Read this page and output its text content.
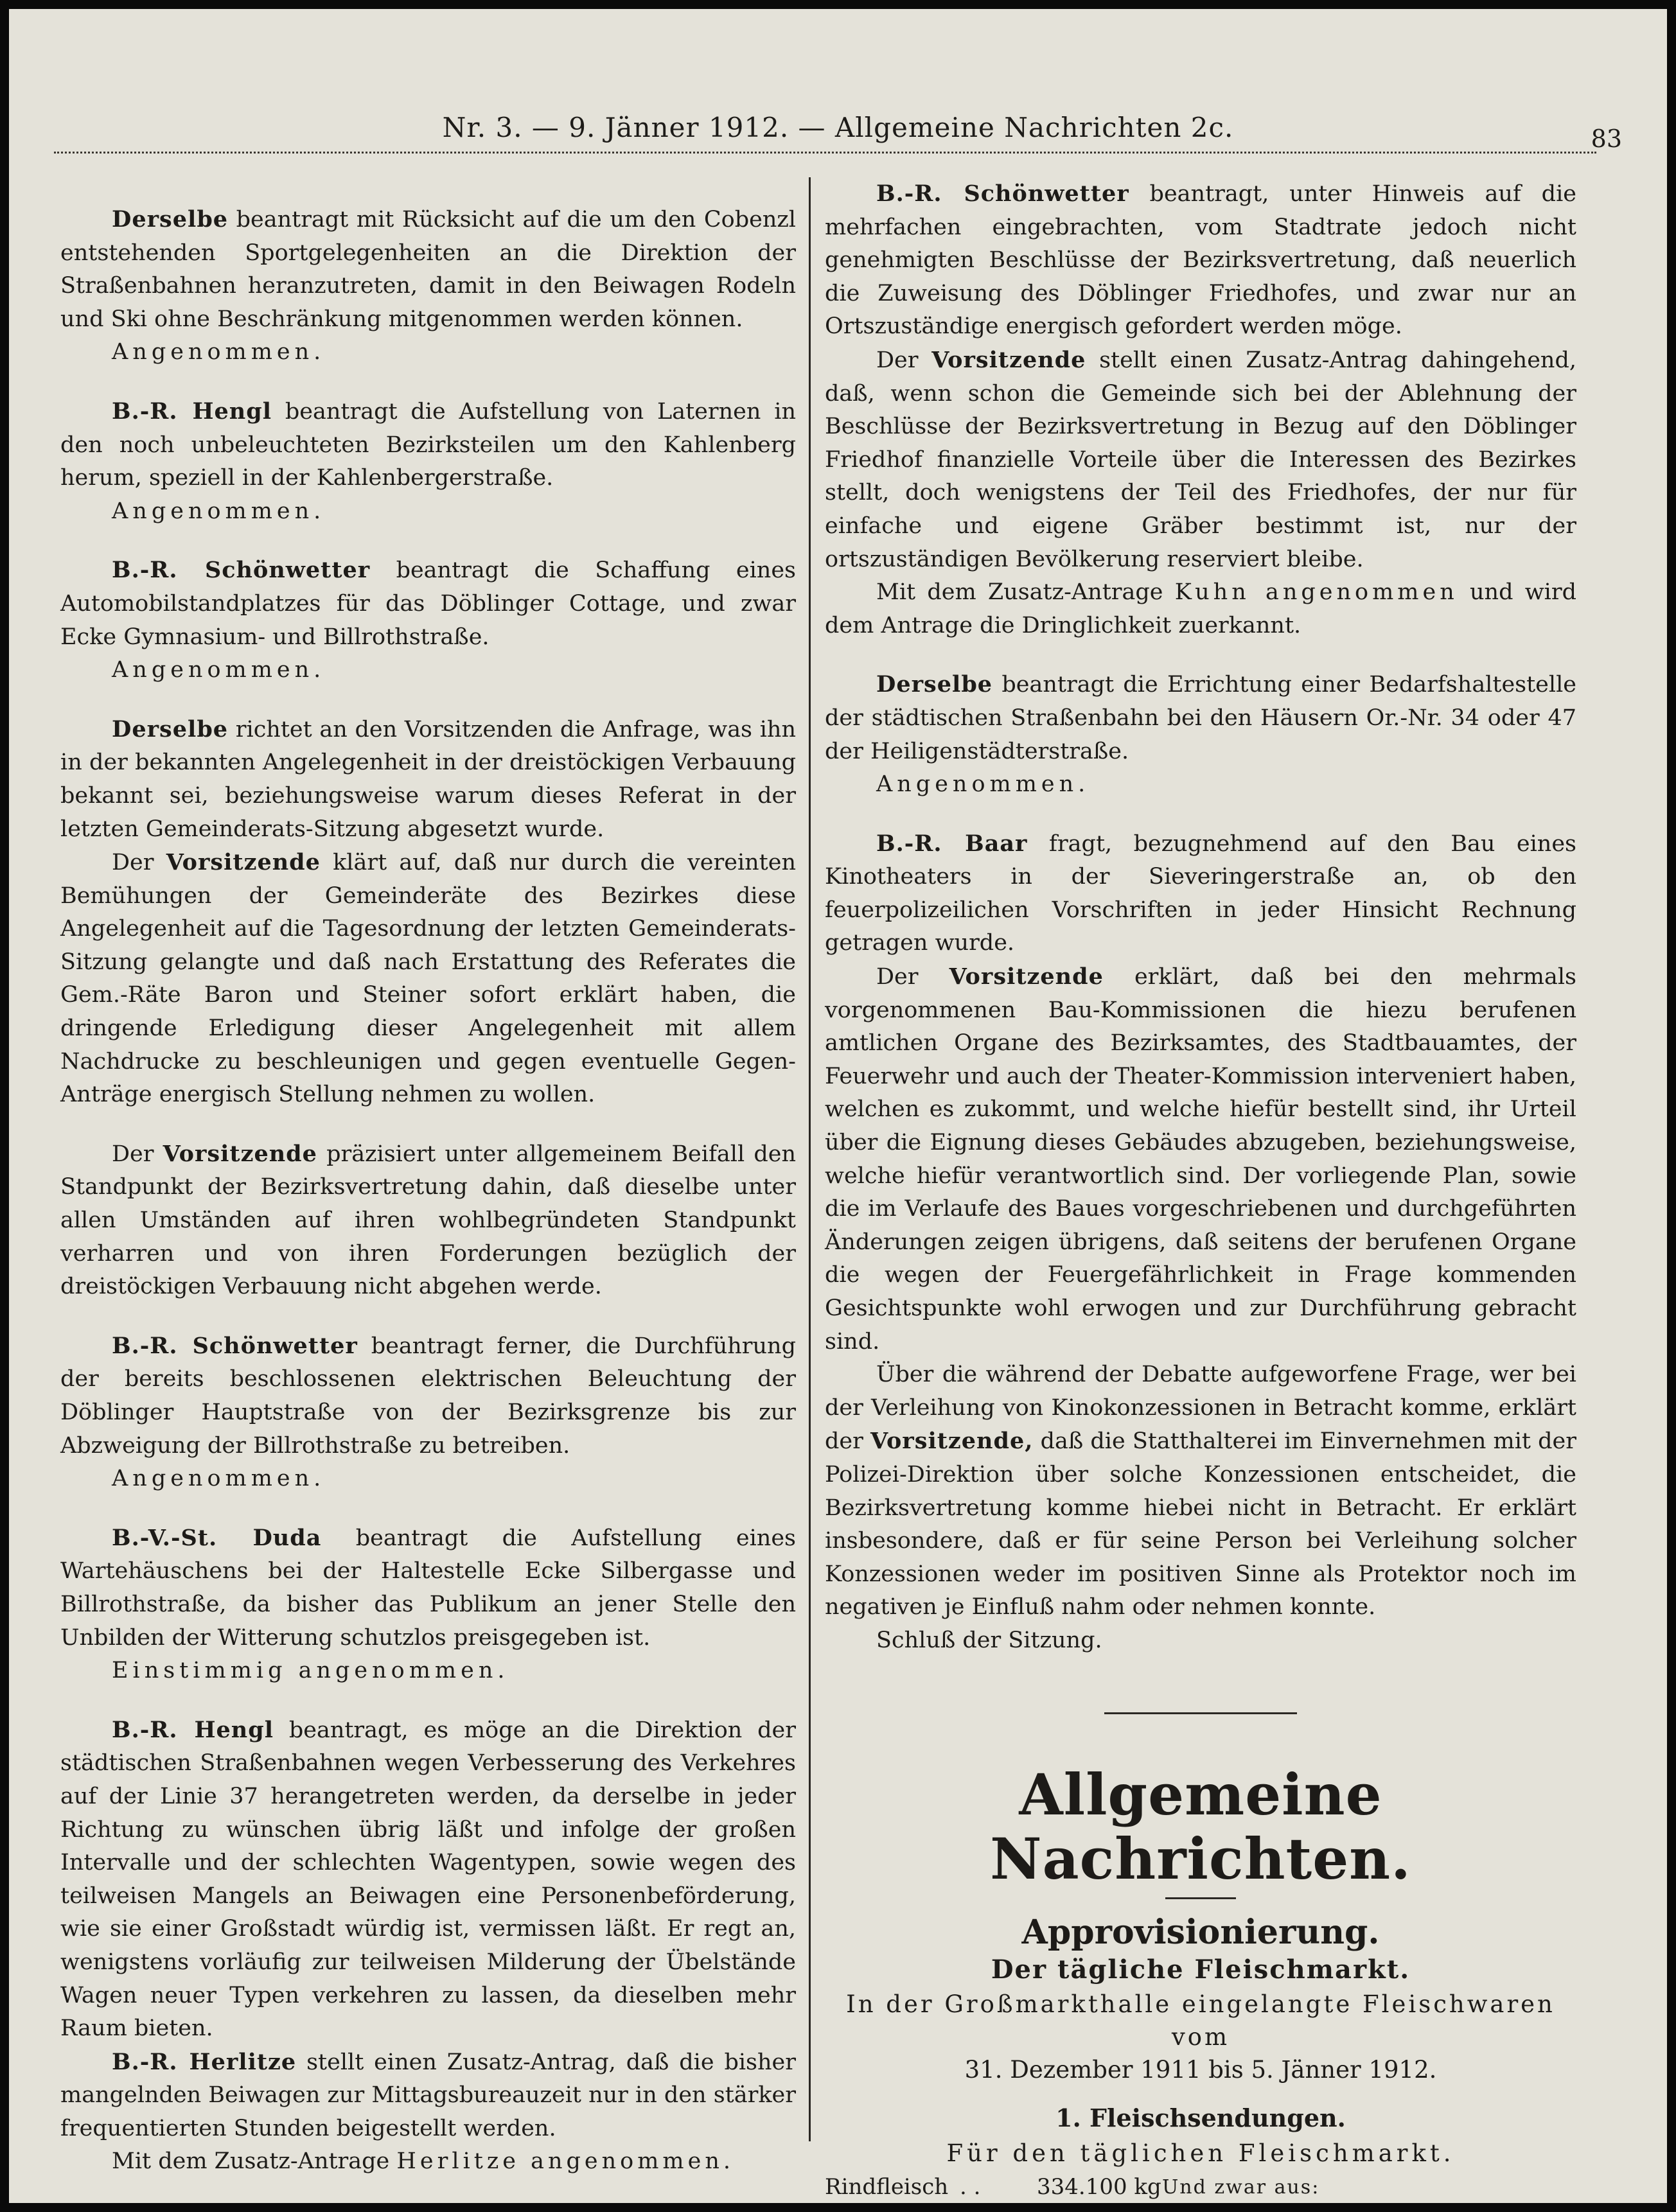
Nr. 3. — 9. Jänner 1912. — Allgemeine Nachrichten 2c.	83

Derselbe beantragt mit Rücksicht auf die um den Cobenzl entstehenden Sportgelegenheiten an die Direktion der Straßenbahnen heranzutreten, damit in den Beiwagen Rodeln und Ski ohne Beschränkung mitgenommen werden können.

Angenommen.

B.-R. Hengl beantragt die Aufstellung von Laternen in den noch unbeleuchteten Bezirksteilen um den Kahlenberg herum, speziell in der Kahlenbergerstraße.

Angenommen.

B.-R. Schönwetter beantragt die Schaffung eines Automobilstandplatzes für das Döblinger Cottage, und zwar Ecke Gymnasium- und Billrothstraße.

Angenommen.

Derselbe richtet an den Vorsitzenden die Anfrage, was ihn in der bekannten Angelegenheit in der dreistöckigen Verbauung bekannt sei, beziehungsweise warum dieses Referat in der letzten Gemeinderats-Sitzung abgesetzt wurde.

Der Vorsitzende klärt auf, daß nur durch die vereinten Bemühungen der Gemeinderäte des Bezirkes diese Angelegenheit auf die Tagesordnung der letzten Gemeinderats-Sitzung gelangte und daß nach Erstattung des Referates die Gem.-Räte Baron und Steiner sofort erklärt haben, die dringende Erledigung dieser Angelegenheit mit allem Nachdrucke zu beschleunigen und gegen eventuelle Gegen-Anträge energisch Stellung nehmen zu wollen.

Der Vorsitzende präzisiert unter allgemeinem Beifall den Standpunkt der Bezirksvertretung dahin, daß dieselbe unter allen Umständen auf ihren wohlbegründeten Standpunkt verharren und von ihren Forderungen bezüglich der dreistöckigen Verbauung nicht abgehen werde.

B.-R. Schönwetter beantragt ferner, die Durchführung der bereits beschlossenen elektrischen Beleuchtung der Döblinger Hauptstraße von der Bezirksgrenze bis zur Abzweigung der Billrothstraße zu betreiben.

Angenommen.

B.-V.-St. Duda beantragt die Aufstellung eines Wartehäuschens bei der Haltestelle Ecke Silbergasse und Billrothstraße, da bisher das Publikum an jener Stelle den Unbilden der Witterung schutzlos preisgegeben ist.

Einstimmig angenommen.

B.-R. Hengl beantragt, es möge an die Direktion der städtischen Straßenbahnen wegen Verbesserung des Verkehres auf der Linie 37 herangetreten werden, da derselbe in jeder Richtung zu wünschen übrig läßt und infolge der großen Intervalle und der schlechten Wagentypen, sowie wegen des teilweisen Mangels an Beiwagen eine Personenbeförderung, wie sie einer Großstadt würdig ist, vermissen läßt. Er regt an, wenigstens vorläufig zur teilweisen Milderung der Übelstände Wagen neuer Typen verkehren zu lassen, da dieselben mehr Raum bieten.

B.-R. Herlitze stellt einen Zusatz-Antrag, daß die bisher mangelnden Beiwagen zur Mittagsbureauzeit nur in den stärker frequentierten Stunden beigestellt werden.

Mit dem Zusatz-Antrage Herlitze angenommen.

B.-R. Schönwetter beantragt, unter Hinweis auf die mehrfachen eingebrachten, vom Stadtrate jedoch nicht genehmigten Beschlüsse der Bezirksvertretung, daß neuerlich die Zuweisung des Döblinger Friedhofes, und zwar nur an Ortszuständige energisch gefordert werden möge.

Der Vorsitzende stellt einen Zusatz-Antrag dahingehend, daß, wenn schon die Gemeinde sich bei der Ablehnung der Beschlüsse der Bezirksvertretung in Bezug auf den Döblinger Friedhof finanzielle Vorteile über die Interessen des Bezirkes stellt, doch wenigstens der Teil des Friedhofes, der nur für einfache und eigene Gräber bestimmt ist, nur der ortszuständigen Bevölkerung reserviert bleibe.

Mit dem Zusatz-Antrage Kuhn angenommen und wird dem Antrage die Dringlichkeit zuerkannt.

Derselbe beantragt die Errichtung einer Bedarfshaltestelle der städtischen Straßenbahn bei den Häusern Or.-Nr. 34 oder 47 der Heiligenstädterstraße.

Angenommen.

B.-R. Baar fragt, bezugnehmend auf den Bau eines Kinotheaters in der Sieveringerstraße an, ob den feuerpolizeilichen Vorschriften in jeder Hinsicht Rechnung getragen wurde.

Der Vorsitzende erklärt, daß bei den mehrmals vorgenommenen Bau-Kommissionen die hiezu berufenen amtlichen Organe des Bezirksamtes, des Stadtbauamtes, der Feuerwehr und auch der Theater-Kommission interveniert haben, welchen es zukommt, und welche hiefür bestellt sind, ihr Urteil über die Eignung dieses Gebäudes abzugeben, beziehungsweise, welche hiefür verantwortlich sind. Der vorliegende Plan, sowie die im Verlaufe des Baues vorgeschriebenen und durchgeführten Änderungen zeigen übrigens, daß seitens der berufenen Organe die wegen der Feuergefährlichkeit in Frage kommenden Gesichtspunkte wohl erwogen und zur Durchführung gebracht sind.

Über die während der Debatte aufgeworfene Frage, wer bei der Verleihung von Kinokonzessionen in Betracht komme, erklärt der Vorsitzende, daß die Statthalterei im Einvernehmen mit der Polizei-Direktion über solche Konzessionen entscheidet, die Bezirksvertretung komme hiebei nicht in Betracht. Er erklärt insbesondere, daß er für seine Person bei Verleihung solcher Konzessionen weder im positiven Sinne als Protektor noch im negativen je Einfluß nahm oder nehmen konnte.

Schluß der Sitzung.

Allgemeine Nachrichten.
Approvisionierung.
Der tägliche Fleischmarkt.
In der Großmarkthalle eingelangte Fleischwaren vom
31. Dezember 1911 bis 5. Jänner 1912.
1. Fleischsendungen.
Für den täglichen Fleischmarkt.
Rindfleisch . .	334.100 kg Und zwar aus:
